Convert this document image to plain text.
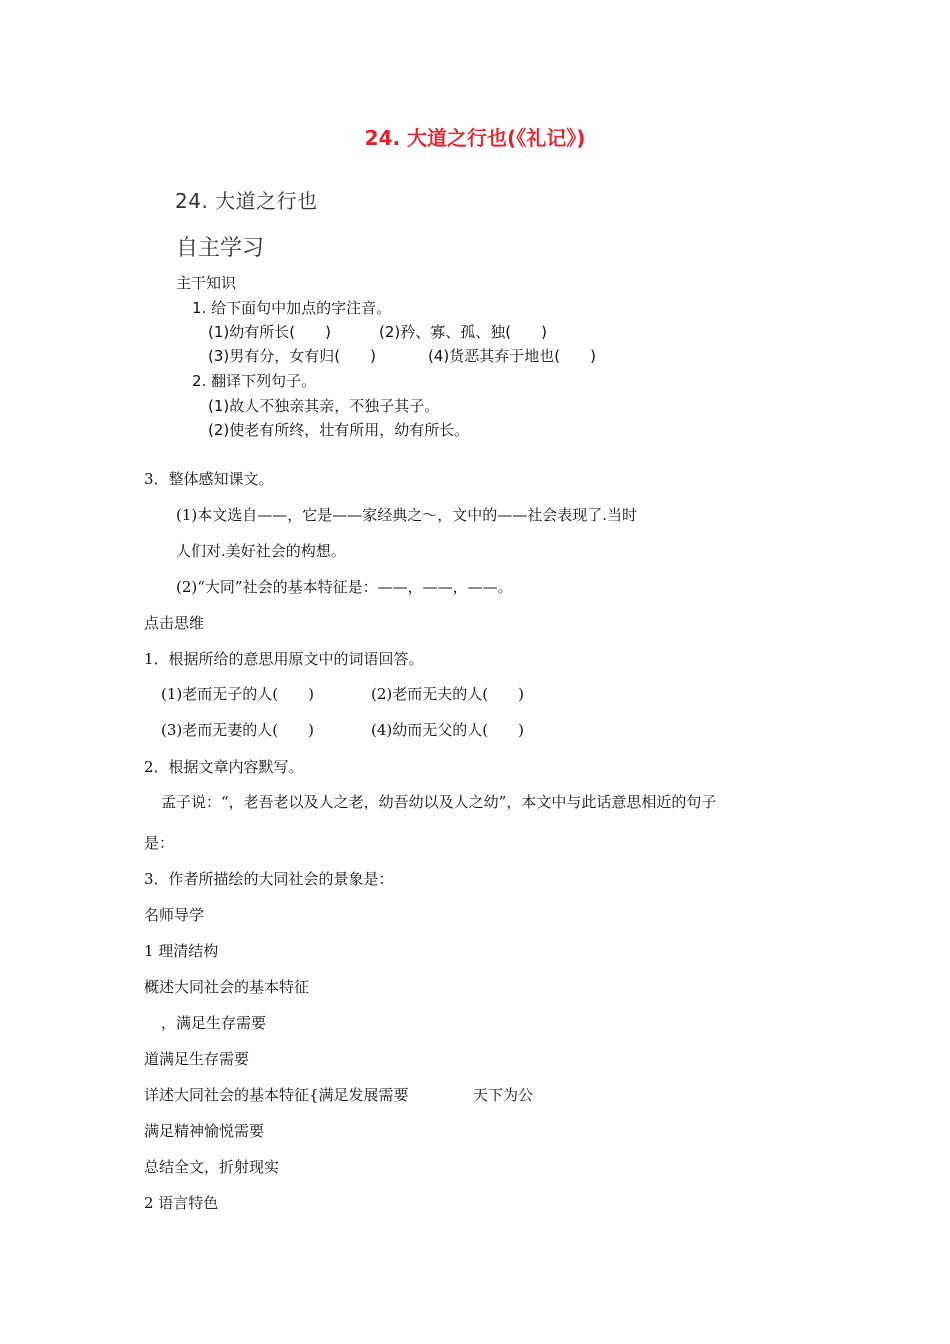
24. 大道之行也(《礼记》)
24. 大道之行也
自主学习
主干知识
1. 给下面句中加点的字注音。
(1)幼有所长(　　)	(2)矜、寡、孤、独(　　)
(3)男有分，女有归(　　)	(4)货恶其弃于地也(　　)
2. 翻译下列句子。
(1)故人不独亲其亲，不独子其子。
(2)使老有所终，壮有所用，幼有所长。
3．整体感知课文。
(1)本文选自——，它是——家经典之～，文中的——社会表现了.当时
人们对.美好社会的构想。
(2)“大同”社会的基本特征是：——，——，——。
点击思维
1．根据所给的意思用原文中的词语回答。
(1)老而无子的人(　　)	(2)老而无夫的人(　　)
(3)老而无妻的人(　　)	(4)幼而无父的人(　　)
2．根据文章内容默写。
孟子说：“，老吾老以及人之老，幼吾幼以及人之幼”，本文中与此话意思相近的句子
是：
3．作者所描绘的大同社会的景象是：
名师导学
1 理清结构
概述大同社会的基本特征
，满足生存需要
道满足生存需要
详述大同社会的基本特征{满足发展需要	天下为公
满足精神愉悦需要
总结全文，折射现实
2 语言特色
